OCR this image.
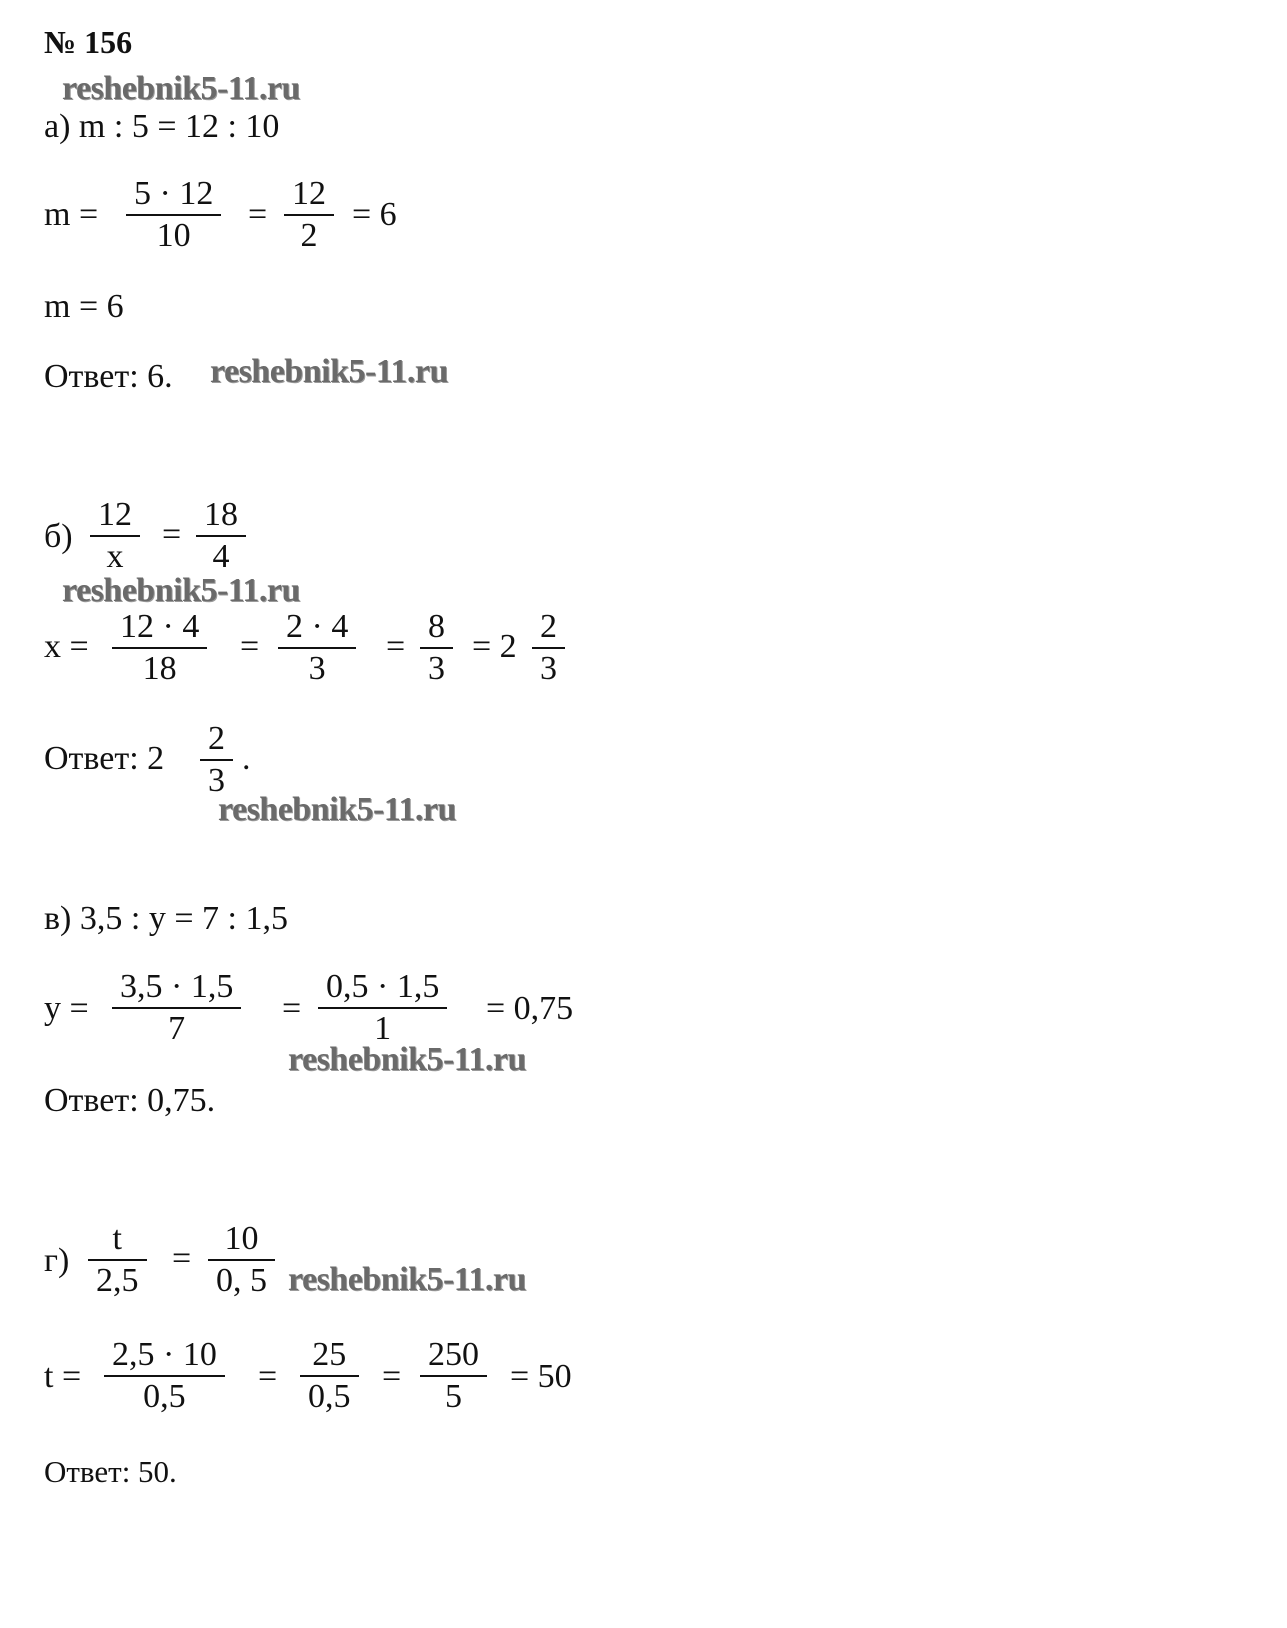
№ 156
reshebnik5-11.ru
reshebnik5-11.ru
reshebnik5-11.ru
reshebnik5-11.ru
reshebnik5-11.ru
reshebnik5-11.ru
а) m : 5 = 12 : 10
$m = \frac{5 \cdot 12}{10} = \frac{12}{2} = 6$
m = 6
Ответ: 6.
$б) \frac{12}{x} = \frac{18}{4}$
$x = \frac{12 \cdot 4}{18} = \frac{2 \cdot 4}{3} = \frac{8}{3} = 2 \frac{2}{3}$
Ответ: $2 \frac{2}{3}$ .
в) 3,5 : y = 7 : 1,5
$y = \frac{3,5 \cdot 1,5}{7} = \frac{0,5 \cdot 1,5}{1} = 0,75$
Ответ: 0,75.
$г) \frac{t}{2,5} = \frac{10}{0, 5}$
$t = \frac{2,5 \cdot 10}{0,5} = \frac{25}{0,5} = \frac{250}{5} = 50$
Ответ: 50.
